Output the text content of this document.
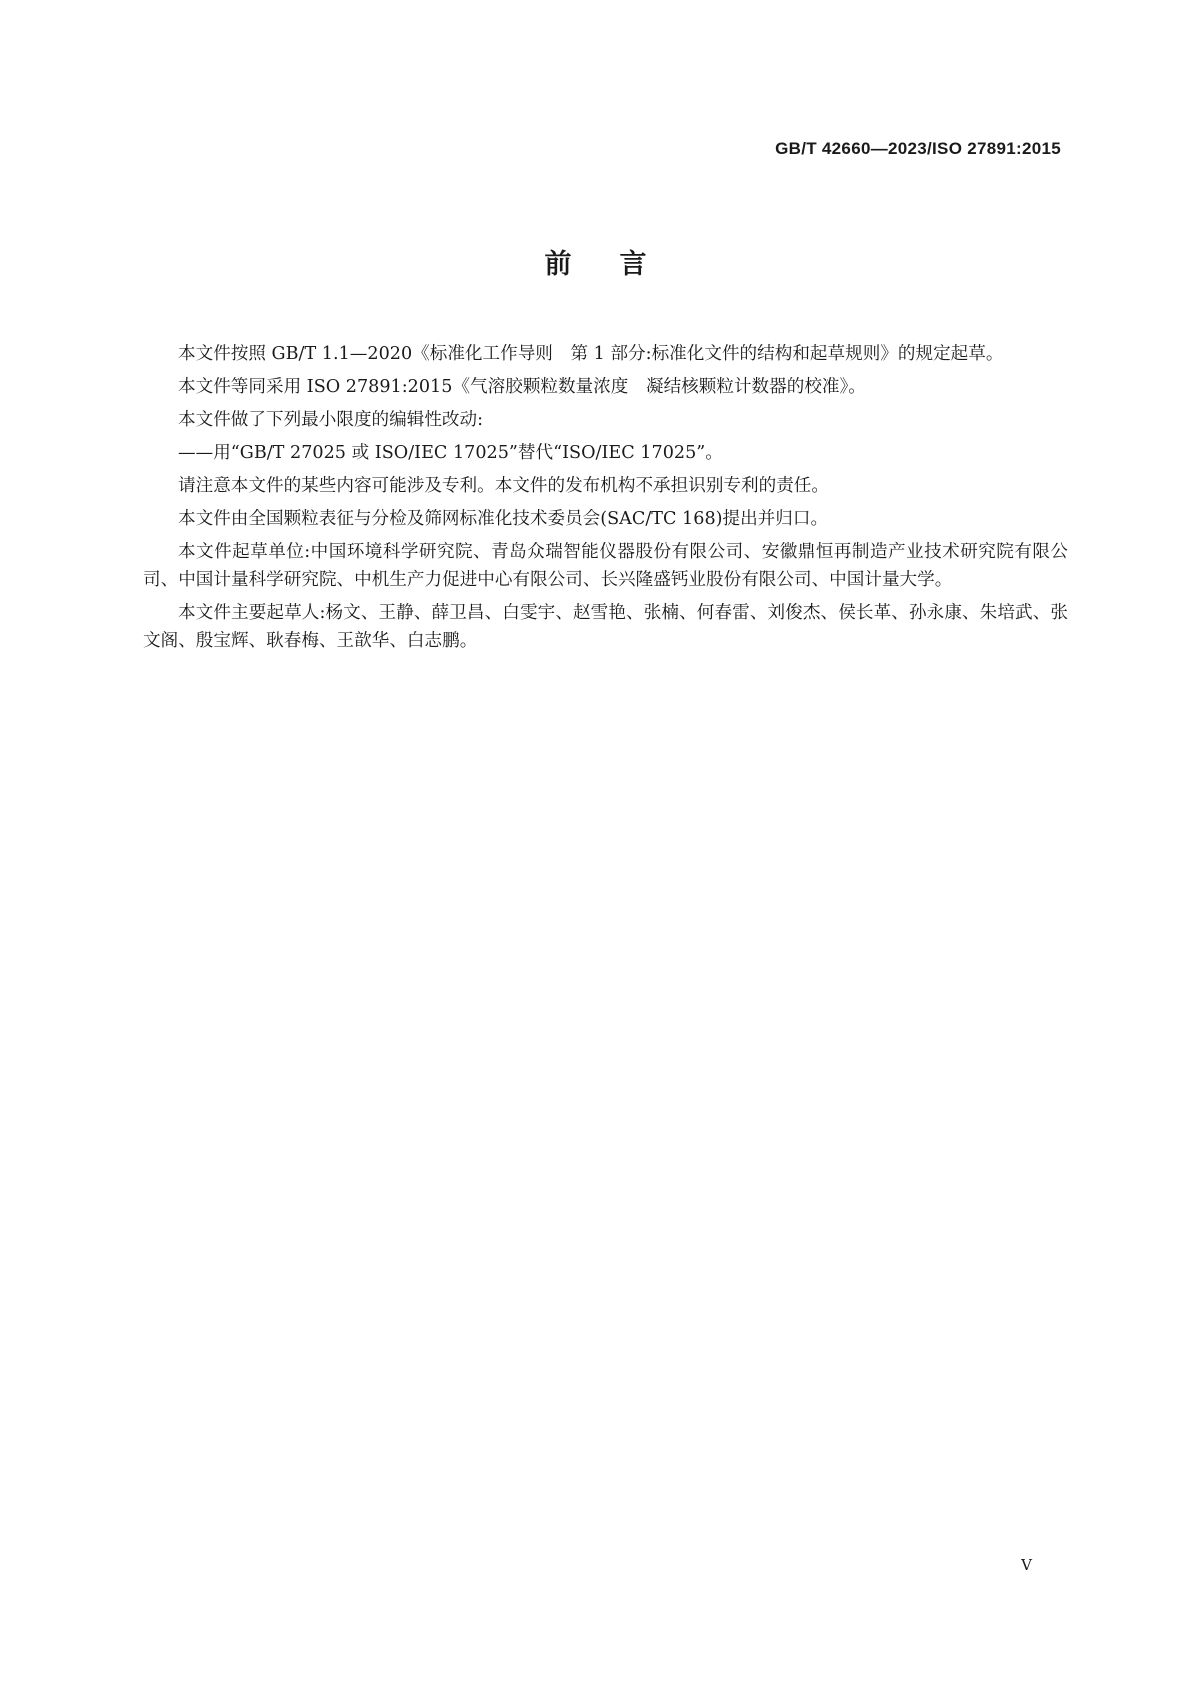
GB/T 42660—2023/ISO 27891:2015
前言

本文件按照 GB/T 1.1—2020《标准化工作导则　第 1 部分:标准化文件的结构和起草规则》的规定起草。

本文件等同采用 ISO 27891:2015《气溶胶颗粒数量浓度　凝结核颗粒计数器的校准》。

本文件做了下列最小限度的编辑性改动:

——用“GB/T 27025 或 ISO/IEC 17025”替代“ISO/IEC 17025”。

请注意本文件的某些内容可能涉及专利。本文件的发布机构不承担识别专利的责任。

本文件由全国颗粒表征与分检及筛网标准化技术委员会(SAC/TC 168)提出并归口。

本文件起草单位:中国环境科学研究院、青岛众瑞智能仪器股份有限公司、安徽鼎恒再制造产业技术研究院有限公司、中国计量科学研究院、中机生产力促进中心有限公司、长兴隆盛钙业股份有限公司、中国计量大学。

本文件主要起草人:杨文、王静、薛卫昌、白雯宇、赵雪艳、张楠、何春雷、刘俊杰、侯长革、孙永康、朱培武、张文阁、殷宝辉、耿春梅、王歆华、白志鹏。

V
